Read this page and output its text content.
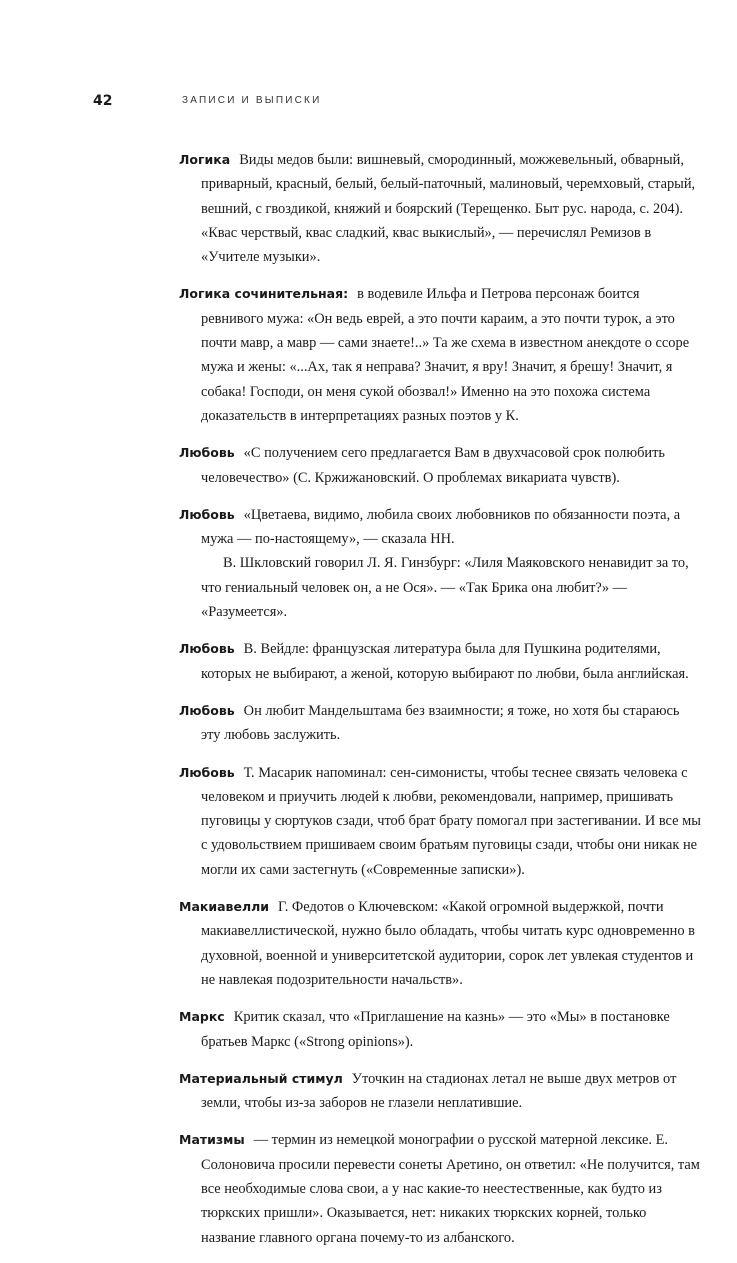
42	ЗАПИСИ И ВЫПИСКИ
Логика Виды медов были: вишневый, смородинный, можжевельный, обварный, приварный, красный, белый, белый-паточный, малиновый, черемховый, старый, вешний, с гвоздикой, княжий и боярский (Терещенко. Быт рус. народа, с. 204). «Квас черствый, квас сладкий, квас выкислый», — перечислял Ремизов в «Учителе музыки».
Логика сочинительная: в водевиле Ильфа и Петрова персонаж боится ревнивого мужа: «Он ведь еврей, а это почти караим, а это почти турок, а это почти мавр, а мавр — сами знаете!..» Та же схема в известном анекдоте о ссоре мужа и жены: «...Ах, так я неправа? Значит, я вру! Значит, я брешу! Значит, я собака! Господи, он меня сукой обозвал!» Именно на это похожа система доказательств в интерпретациях разных поэтов у К.
Любовь «С получением сего предлагается Вам в двухчасовой срок полюбить человечество» (С. Кржижановский. О проблемах викариата чувств).
Любовь «Цветаева, видимо, любила своих любовников по обязанности поэта, а мужа — по-настоящему», — сказала НН.
В. Шкловский говорил Л. Я. Гинзбург: «Лиля Маяковского ненавидит за то, что гениальный человек он, а не Ося». — «Так Брика она любит?» — «Разумеется».
Любовь В. Вейдле: французская литература была для Пушкина родителями, которых не выбирают, а женой, которую выбирают по любви, была английская.
Любовь Он любит Мандельштама без взаимности; я тоже, но хотя бы стараюсь эту любовь заслужить.
Любовь Т. Масарик напоминал: сен-симонисты, чтобы теснее связать человека с человеком и приучить людей к любви, рекомендовали, например, пришивать пуговицы у сюртуков сзади, чтоб брат брату помогал при застегивании. И все мы с удовольствием пришиваем своим братьям пуговицы сзади, чтобы они никак не могли их сами застегнуть («Современные записки»).
Макиавелли Г. Федотов о Ключевском: «Какой огромной выдержкой, почти макиавеллистической, нужно было обладать, чтобы читать курс одновременно в духовной, военной и университетской аудитории, сорок лет увлекая студентов и не навлекая подозрительности начальств».
Маркс Критик сказал, что «Приглашение на казнь» — это «Мы» в постановке братьев Маркс («Strong opinions»).
Материальный стимул Уточкин на стадионах летал не выше двух метров от земли, чтобы из-за заборов не глазели неплатившие.
Матизмы — термин из немецкой монографии о русской матерной лексике. Е. Солоновича просили перевести сонеты Аретино, он ответил: «Не получится, там все необходимые слова свои, а у нас какие-то неестественные, как будто из тюркских пришли». Оказывается, нет: никаких тюркских корней, только название главного органа почему-то из албанского.
